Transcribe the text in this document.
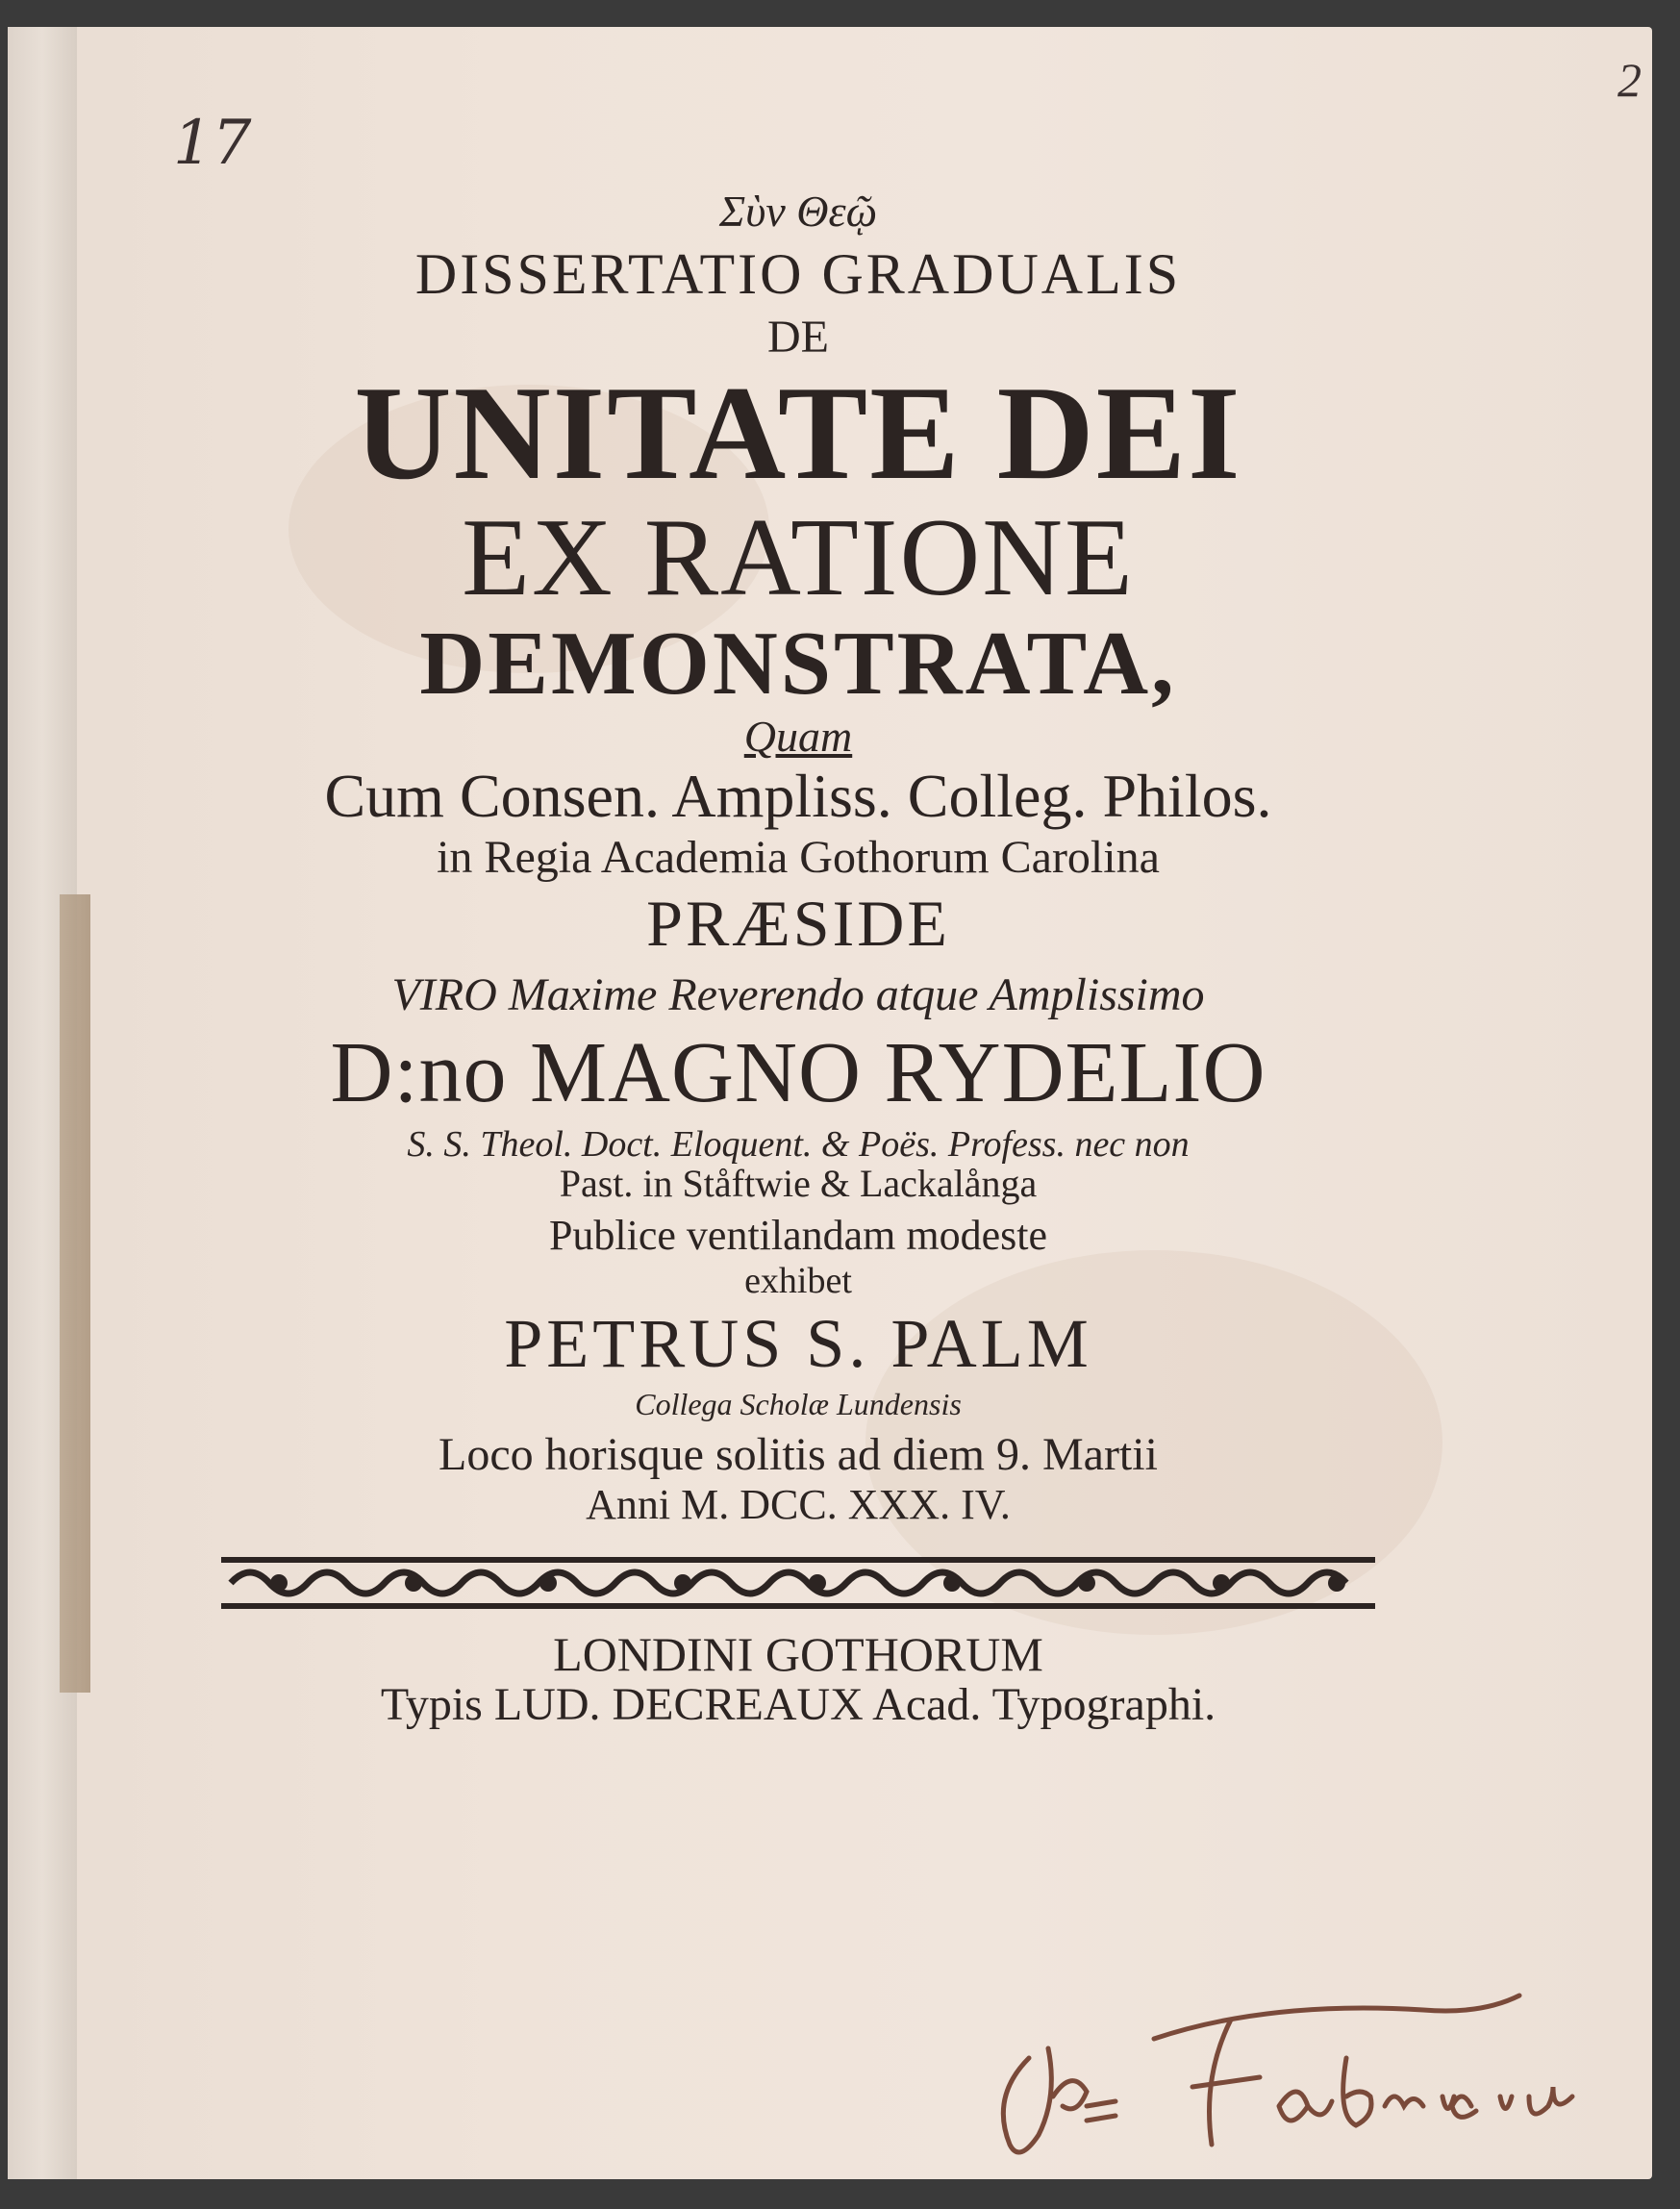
17
2
Σὺν Θεῷ
DISSERTATIO GRADUALIS
DE
UNITATE DEI
EX RATIONE
DEMONSTRATA,
Quam
Cum Consen. Ampliss. Colleg. Philos.
in Regia Academia Gothorum Carolina
PRÆSIDE
VIRO Maxime Reverendo atque Amplissimo
D:no MAGNO RYDELIO
S. S. Theol. Doct. Eloquent. & Poës. Profess. nec non
Past. in Ståftwie & Lackalånga
Publice ventilandam modeste
exhibet
PETRUS S. PALM
Collega Scholæ Lundensis
Loco horisque solitis ad diem 9. Martii
Anni M. DCC. XXX. IV.
LONDINI GOTHORUM
Typis LUD. DECREAUX Acad. Typographi.
